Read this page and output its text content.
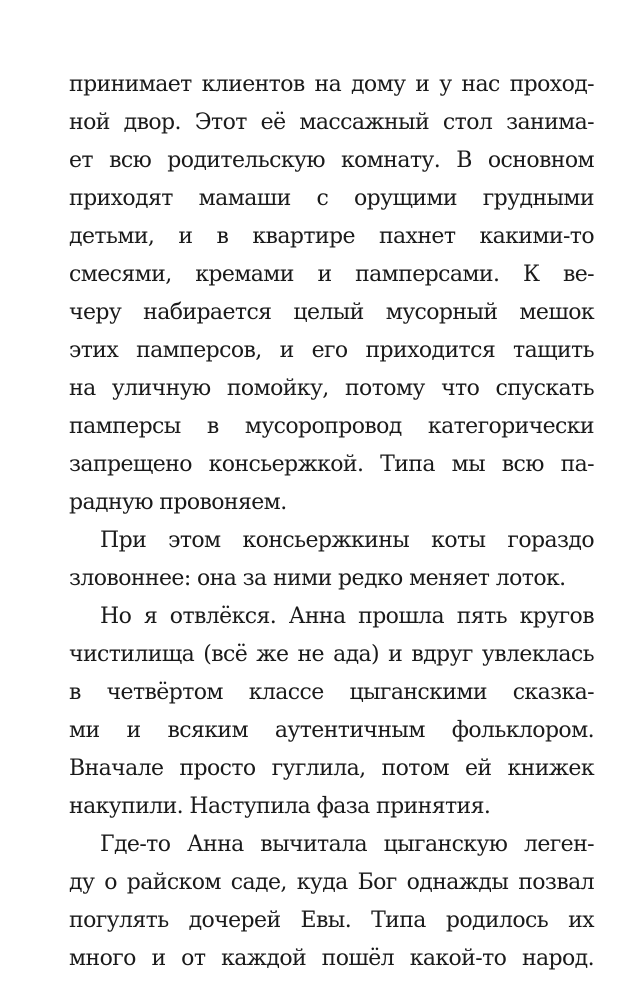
принимает клиентов на дому и у нас проход-
ной двор. Этот её массажный стол занима-
ет всю родительскую комнату. В основном
приходят мамаши с орущими грудными
детьми, и в квартире пахнет какими-то
смесями, кремами и памперсами. К ве-
черу набирается целый мусорный мешок
этих памперсов, и его приходится тащить
на уличную помойку, потому что спускать
памперсы в мусоропровод категорически
запрещено консьержкой. Типа мы всю па-
радную провоняем.
При этом консьержкины коты гораздо
зловоннее: она за ними редко меняет лоток.
Но я отвлёкся. Анна прошла пять кругов
чистилища (всё же не ада) и вдруг увлеклась
в четвёртом классе цыганскими сказка-
ми и всяким аутентичным фольклором.
Вначале просто гуглила, потом ей книжек
накупили. Наступила фаза принятия.
Где-то Анна вычитала цыганскую леген-
ду о райском саде, куда Бог однажды позвал
погулять дочерей Евы. Типа родилось их
много и от каждой пошёл какой-то народ.
